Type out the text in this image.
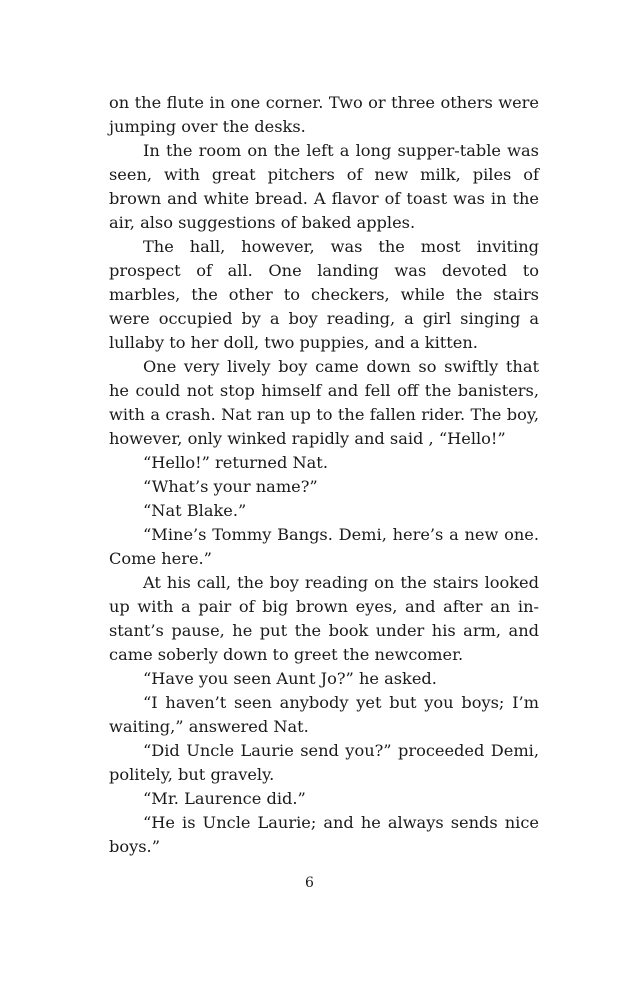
on the flute in one corner. Two or three others were jumping over the desks.

In the room on the left a long supper-table was seen, with great pitchers of new milk, piles of brown and white bread. A flavor of toast was in the air, also suggestions of baked apples.

The hall, however, was the most inviting prospect of all. One landing was devoted to marbles, the other to checkers, while the stairs were occupied by a boy reading, a girl singing a lullaby to her doll, two puppies, and a kitten.

One very lively boy came down so swiftly that he could not stop himself and fell off the banisters, with a crash. Nat ran up to the fallen rider. The boy, however, only winked rapidly and said , “Hello!”

“Hello!” returned Nat.

“What’s your name?”

“Nat Blake.”

“Mine’s Tommy Bangs. Demi, here’s a new one. Come here.”

At his call, the boy reading on the stairs looked up with a pair of big brown eyes, and after an instant’s pause, he put the book under his arm, and came soberly down to greet the newcomer.

“Have you seen Aunt Jo?” he asked.

“I haven’t seen anybody yet but you boys; I’m waiting,” answered Nat.

“Did Uncle Laurie send you?” proceeded Demi, politely, but gravely.

“Mr. Laurence did.”

“He is Uncle Laurie; and he always sends nice boys.”

6
